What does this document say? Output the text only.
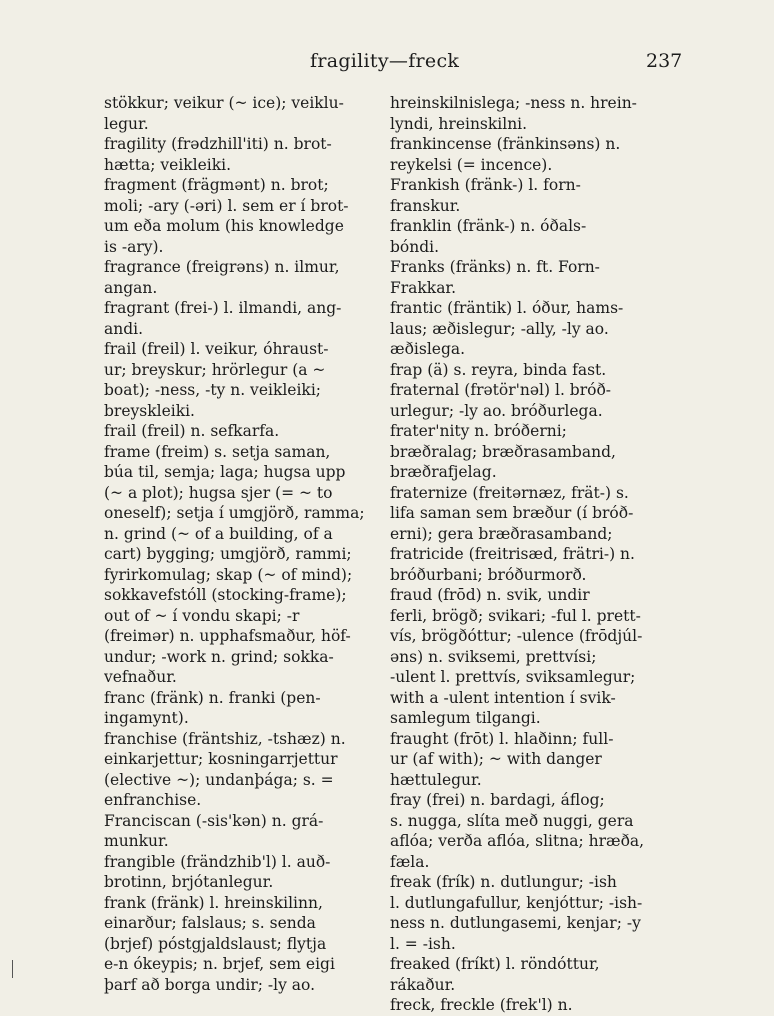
fragility—freck	237
stökkur; veikur (~ ice); veiklu-
legur.
fragility (frədzhill'iti) n. brot-
hætta; veikleiki.
fragment (frägmənt) n. brot;
moli; -ary (-əri) l. sem er í brot-
um eða molum (his knowledge
is -ary).
fragrance (freigrəns) n. ilmur,
angan.
fragrant (frei-) l. ilmandi, ang-
andi.
frail (freil) l. veikur, óhraust-
ur; breyskur; hrörlegur (a ~
boat); -ness, -ty n. veikleiki;
breyskleiki.
frail (freil) n. sefkarfa.
frame (freim) s. setja saman,
búa til, semja; laga; hugsa upp
(~ a plot); hugsa sjer (= ~ to
oneself); setja í umgjörð, ramma;
n. grind (~ of a building, of a
cart) bygging; umgjörð, rammi;
fyrirkomulag; skap (~ of mind);
sokkavefstóll (stocking-frame);
out of ~ í vondu skapi; -r
(freimər) n. upphafsmaður, höf-
undur; -work n. grind; sokka-
vefnaður.
franc (fränk) n. franki (pen-
ingamynt).
franchise (fräntshiz, -tshæz) n.
einkarjettur; kosningarrjettur
(elective ~); undanþága; s. =
enfranchise.
Franciscan (-sis'kən) n. grá-
munkur.
frangible (frändzhib'l) l. auð-
brotinn, brjótanlegur.
frank (fränk) l. hreinskilinn,
einarður; falslaus; s. senda
(brjef) póstgjaldslaust; flytja
e-n ókeypis; n. brjef, sem eigi
þarf að borga undir; -ly ao.
hreinskilnislega; -ness n. hrein-
lyndi, hreinskilni.
frankincense (fränkinsəns) n.
reykelsi (= incence).
Frankish (fränk-) l. forn-
franskur.
franklin (fränk-) n. óðals-
bóndi.
Franks (fränks) n. ft. Forn-
Frakkar.
frantic (fräntik) l. óður, hams-
laus; æðislegur; -ally, -ly ao.
æðislega.
frap (ä) s. reyra, binda fast.
fraternal (frətör'nəl) l. bróð-
urlegur; -ly ao. bróðurlega.
frater'nity n. bróðerni;
bræðralag; bræðrasamband,
bræðrafjelag.
fraternize (freitərnæz, frät-) s.
lifa saman sem bræður (í bróð-
erni); gera bræðrasamband;
fratricide (freitrisæd, frätri-) n.
bróðurbani; bróðurmorð.
fraud (frōd) n. svik, undir
ferli, brögð; svikari; -ful l. prett-
vís, brögðóttur; -ulence (frōdjúl-
əns) n. sviksemi, prettvísi;
-ulent l. prettvís, sviksamlegur;
with a -ulent intention í svik-
samlegum tilgangi.
fraught (frōt) l. hlaðinn; full-
ur (af with); ~ with danger
hættulegur.
fray (frei) n. bardagi, áflog;
s. nugga, slíta með nuggi, gera
aflóa; verða aflóa, slitna; hræða,
fæla.
freak (frík) n. dutlungur; -ish
l. dutlungafullur, kenjóttur; -ish-
ness n. dutlungasemi, kenjar; -y
l. = -ish.
freaked (fríkt) l. röndóttur,
rákaður.
freck, freckle (frek'l) n.
